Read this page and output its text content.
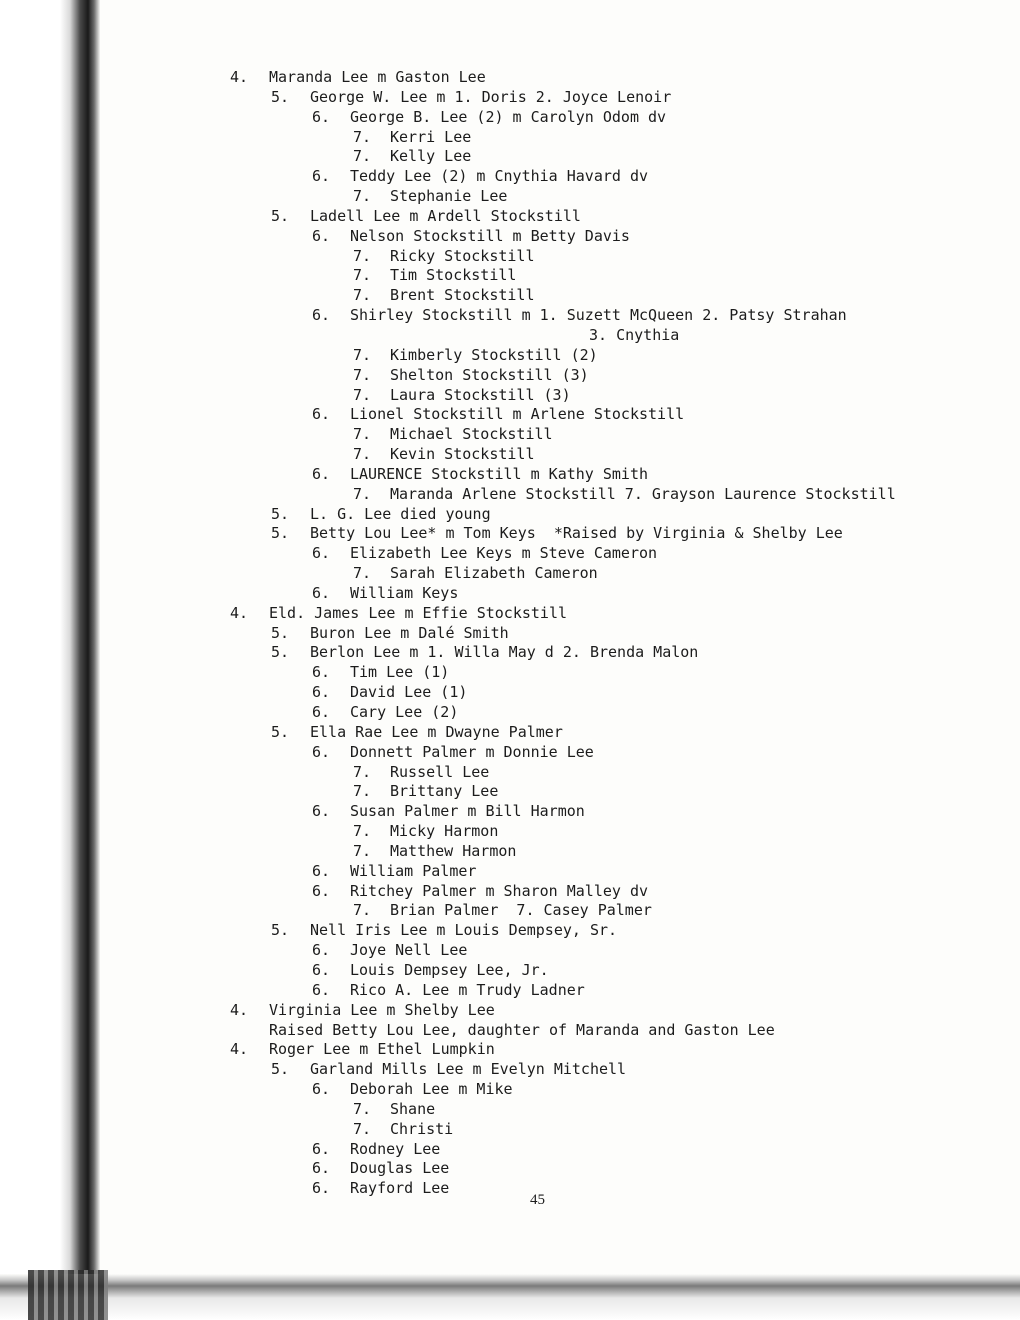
4. Maranda Lee m Gaston Lee
5. George W. Lee m 1. Doris 2. Joyce Lenoir
6. George B. Lee (2) m Carolyn Odom dv
7. Kerri Lee
7. Kelly Lee
6. Teddy Lee (2) m Cnythia Havard dv
7. Stephanie Lee
5. Ladell Lee m Ardell Stockstill
6. Nelson Stockstill m Betty Davis
7. Ricky Stockstill
7. Tim Stockstill
7. Brent Stockstill
6. Shirley Stockstill m 1. Suzett McQueen 2. Patsy Strahan
3. Cnythia
7. Kimberly Stockstill (2)
7. Shelton Stockstill (3)
7. Laura Stockstill (3)
6. Lionel Stockstill m Arlene Stockstill
7. Michael Stockstill
7. Kevin Stockstill
6. LAURENCE Stockstill m Kathy Smith
7. Maranda Arlene Stockstill 7. Grayson Laurence Stockstill
5. L. G. Lee died young
5. Betty Lou Lee* m Tom Keys  *Raised by Virginia & Shelby Lee
6. Elizabeth Lee Keys m Steve Cameron
7. Sarah Elizabeth Cameron
6. William Keys
4. Eld. James Lee m Effie Stockstill
5. Buron Lee m Dalé Smith
5. Berlon Lee m 1. Willa May d 2. Brenda Malon
6. Tim Lee (1)
6. David Lee (1)
6. Cary Lee (2)
5. Ella Rae Lee m Dwayne Palmer
6. Donnett Palmer m Donnie Lee
7. Russell Lee
7. Brittany Lee
6. Susan Palmer m Bill Harmon
7. Micky Harmon
7. Matthew Harmon
6. William Palmer
6. Ritchey Palmer m Sharon Malley dv
7. Brian Palmer  7. Casey Palmer
5. Nell Iris Lee m Louis Dempsey, Sr.
6. Joye Nell Lee
6. Louis Dempsey Lee, Jr.
6. Rico A. Lee m Trudy Ladner
4. Virginia Lee m Shelby Lee
Raised Betty Lou Lee, daughter of Maranda and Gaston Lee
4. Roger Lee m Ethel Lumpkin
5. Garland Mills Lee m Evelyn Mitchell
6. Deborah Lee m Mike
7. Shane
7. Christi
6. Rodney Lee
6. Douglas Lee
6. Rayford Lee
45
